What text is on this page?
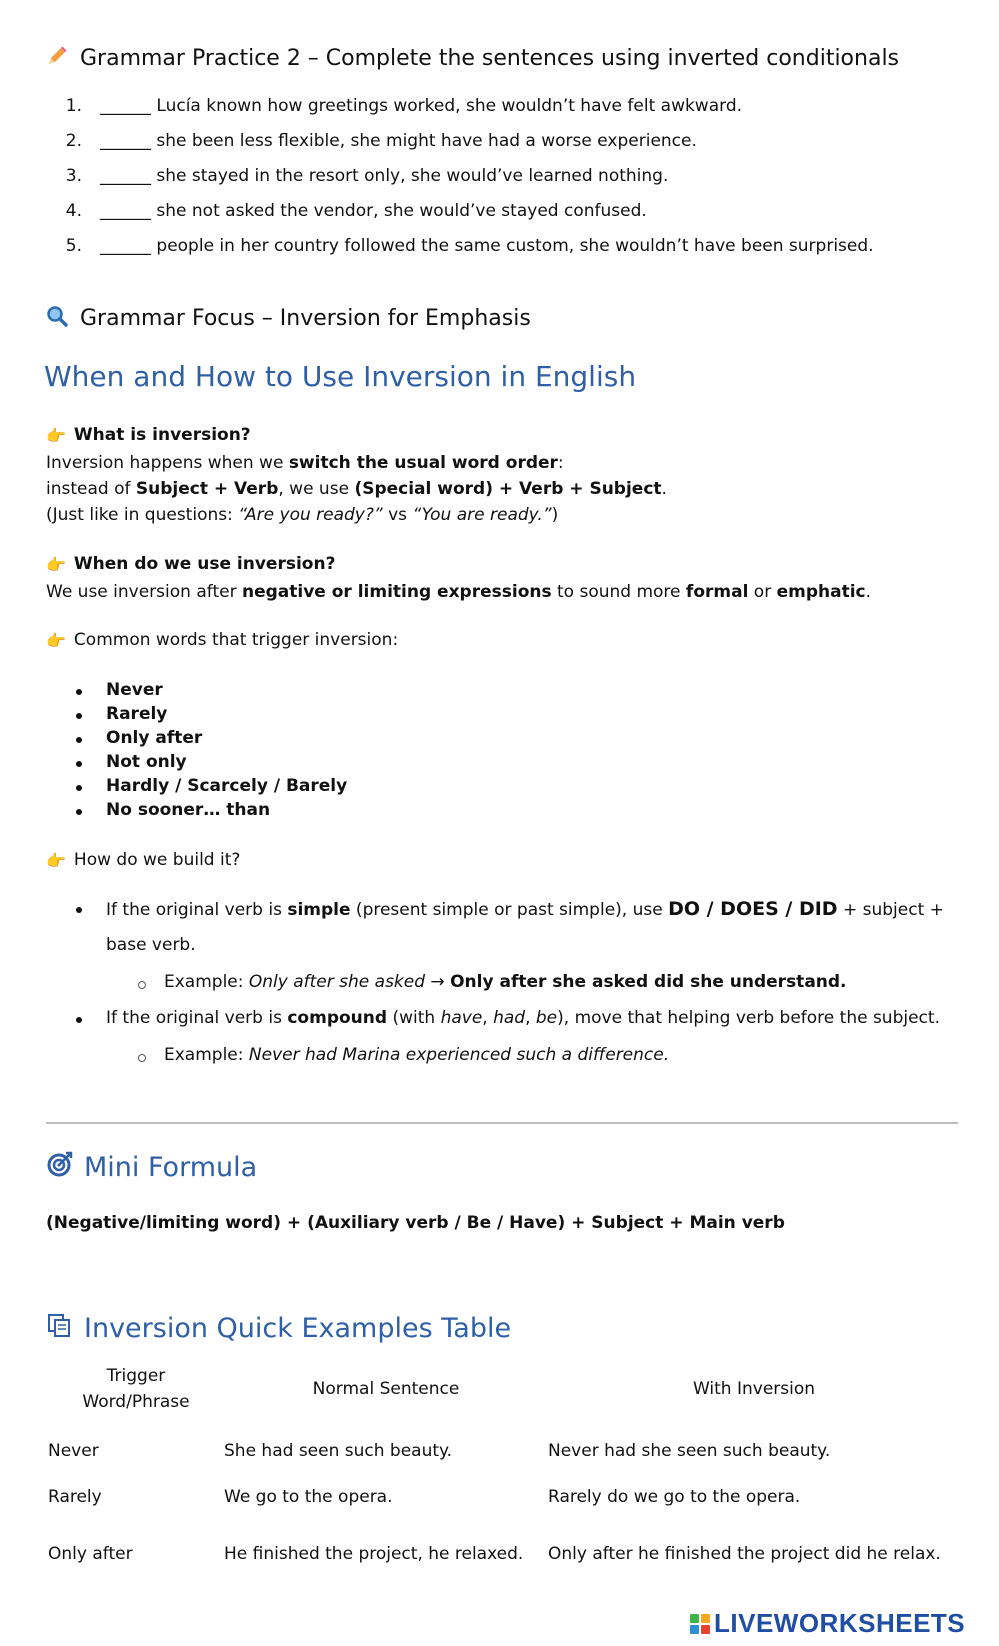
Grammar Practice 2 – Complete the sentences using inverted conditionals
1. ______ Lucía known how greetings worked, she wouldn’t have felt awkward.
2. ______ she been less flexible, she might have had a worse experience.
3. ______ she stayed in the resort only, she would’ve learned nothing.
4. ______ she not asked the vendor, she would’ve stayed confused.
5. ______ people in her country followed the same custom, she wouldn’t have been surprised.
Grammar Focus – Inversion for Emphasis
When and How to Use Inversion in English
👉 What is inversion?
Inversion happens when we switch the usual word order:
instead of Subject + Verb, we use (Special word) + Verb + Subject.
(Just like in questions: “Are you ready?” vs “You are ready.”)
👉 When do we use inversion?
We use inversion after negative or limiting expressions to sound more formal or emphatic.
👉 Common words that trigger inversion:
Never
Rarely
Only after
Not only
Hardly / Scarcely / Barely
No sooner… than
👉 How do we build it?
If the original verb is simple (present simple or past simple), use DO / DOES / DID + subject +
base verb.
Example: Only after she asked → Only after she asked did she understand.
If the original verb is compound (with have, had, be), move that helping verb before the subject.
Example: Never had Marina experienced such a difference.
Mini Formula
(Negative/limiting word) + (Auxiliary verb / Be / Have) + Subject + Main verb
Inversion Quick Examples Table
Trigger Word/Phrase	Normal Sentence	With Inversion
Never	She had seen such beauty.	Never had she seen such beauty.
Rarely	We go to the opera.	Rarely do we go to the opera.
Only after	He finished the project, he relaxed.	Only after he finished the project did he relax.
LIVEWORKSHEETS
